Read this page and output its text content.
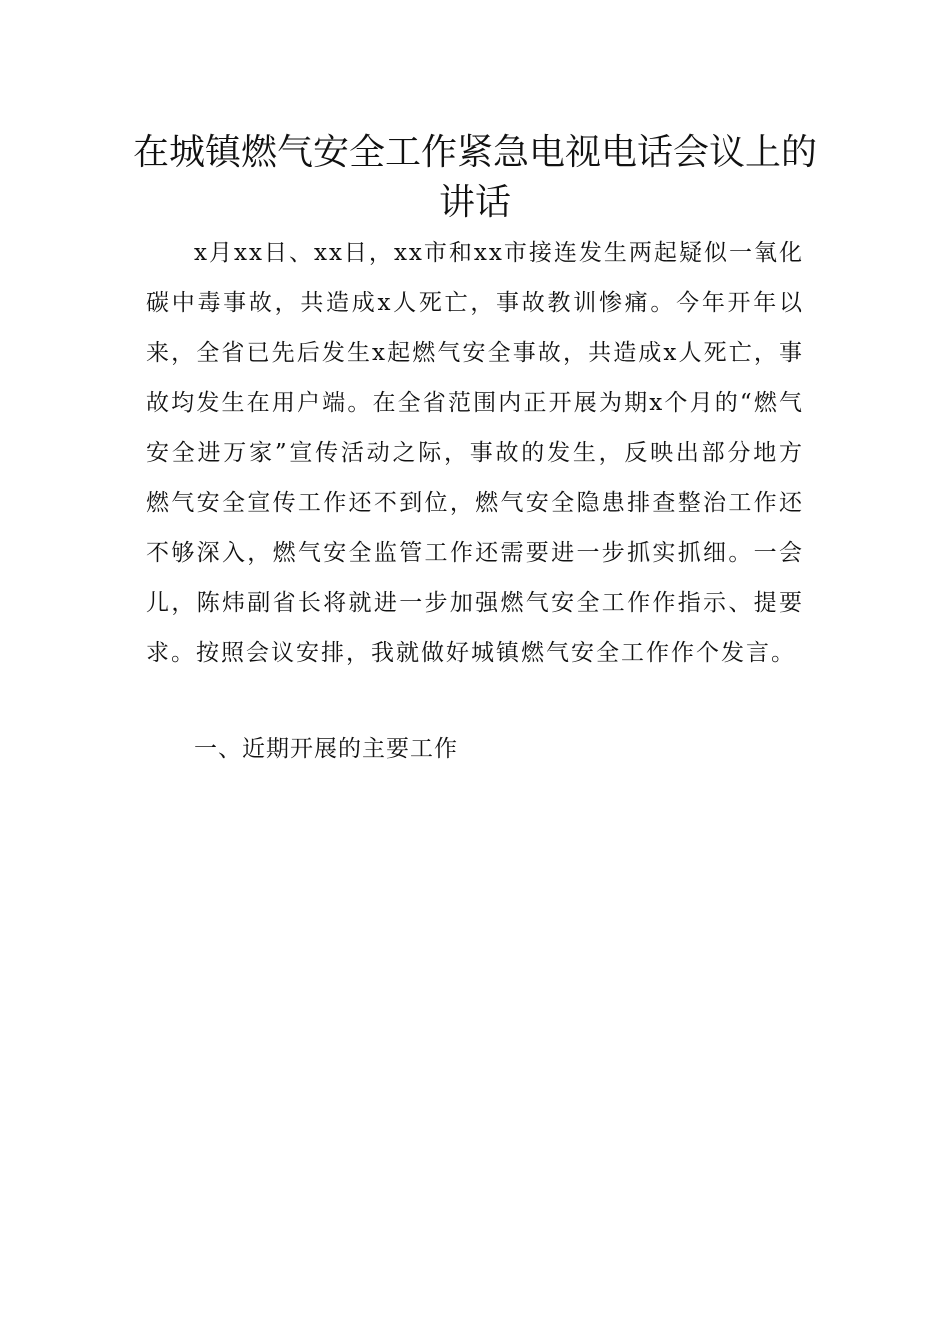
在城镇燃气安全工作紧急电视电话会议上的讲话

x月xx日、xx日，xx市和xx市接连发生两起疑似一氧化碳中毒事故，共造成x人死亡，事故教训惨痛。今年开年以来，全省已先后发生x起燃气安全事故，共造成x人死亡，事故均发生在用户端。在全省范围内正开展为期x个月的“燃气安全进万家”宣传活动之际，事故的发生，反映出部分地方燃气安全宣传工作还不到位，燃气安全隐患排查整治工作还不够深入，燃气安全监管工作还需要进一步抓实抓细。一会儿，陈炜副省长将就进一步加强燃气安全工作作指示、提要求。按照会议安排，我就做好城镇燃气安全工作作个发言。

一、近期开展的主要工作
